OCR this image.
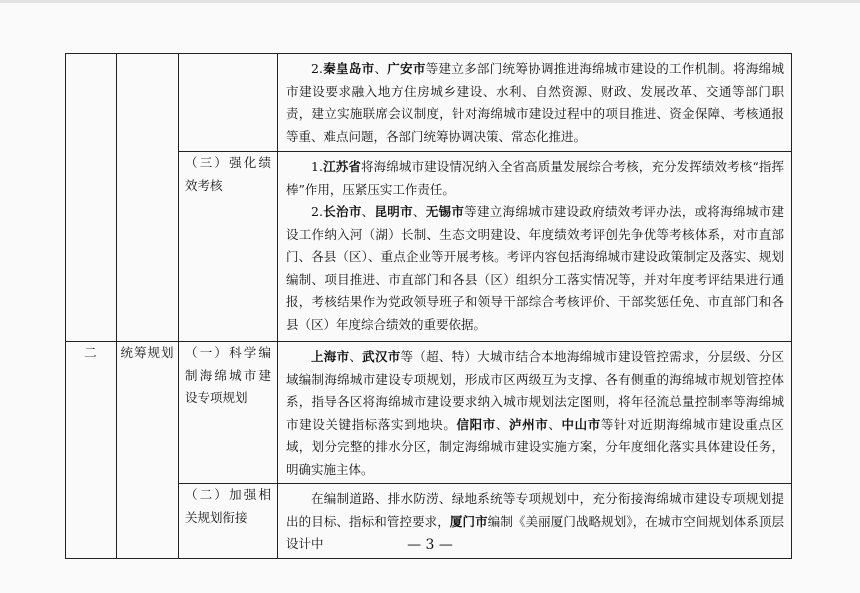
			2.秦皇岛市、广安市等建立多部门统筹协调推进海绵城市建设的工作机制。将海绵城市建设要求融入地方住房城乡建设、水利、自然资源、财政、发展改革、交通等部门职责，建立实施联席会议制度，针对海绵城市建设过程中的项目推进、资金保障、考核通报等重、难点问题，各部门统筹协调决策、常态化推进。

		（三）强化绩效考核	1.江苏省将海绵城市建设情况纳入全省高质量发展综合考核，充分发挥绩效考核“指挥棒”作用，压紧压实工作责任。

2.长治市、昆明市、无锡市等建立海绵城市建设政府绩效考评办法，或将海绵城市建设工作纳入河（湖）长制、生态文明建设、年度绩效考评创先争优等考核体系，对市直部门、各县（区）、重点企业等开展考核。考评内容包括海绵城市建设政策制定及落实、规划编制、项目推进、市直部门和各县（区）组织分工落实情况等，并对年度考评结果进行通报，考核结果作为党政领导班子和领导干部综合考核评价、干部奖惩任免、市直部门和各县（区）年度综合绩效的重要依据。

二	统筹规划	（一）科学编制海绵城市建设专项规划	上海市、武汉市等（超、特）大城市结合本地海绵城市建设管控需求，分层级、分区域编制海绵城市建设专项规划，形成市区两级互为支撑、各有侧重的海绵城市规划管控体系，指导各区将海绵城市建设要求纳入城市规划法定图则，将年径流总量控制率等海绵城市建设关键指标落实到地块。信阳市、泸州市、中山市等针对近期海绵城市建设重点区域，划分完整的排水分区，制定海绵城市建设实施方案，分年度细化落实具体建设任务，明确实施主体。

		（二）加强相关规划衔接	在编制道路、排水防涝、绿地系统等专项规划中，充分衔接海绵城市建设专项规划提出的目标、指标和管控要求，厦门市编制《美丽厦门战略规划》，在城市空间规划体系顶层设计中	— 3 —
